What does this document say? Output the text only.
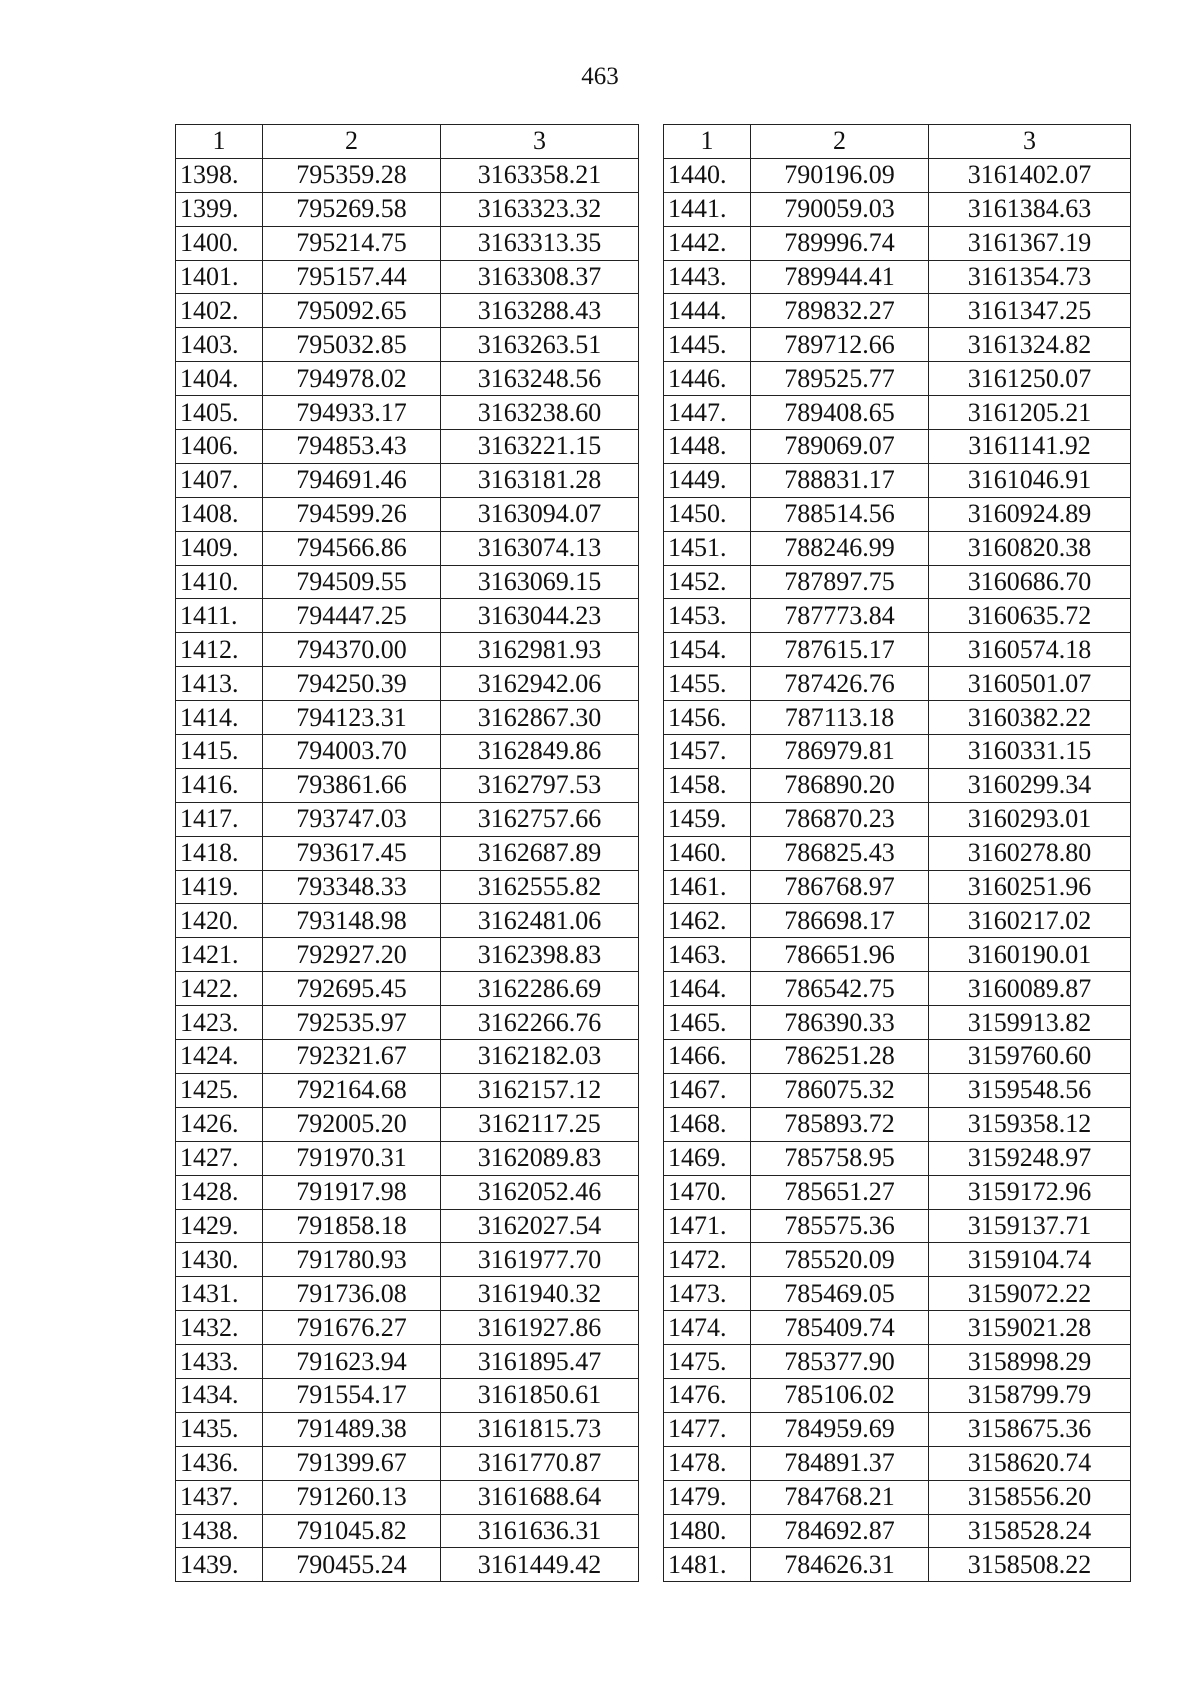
463
1	2	3
1398.	795359.28	3163358.21
1399.	795269.58	3163323.32
1400.	795214.75	3163313.35
1401.	795157.44	3163308.37
1402.	795092.65	3163288.43
1403.	795032.85	3163263.51
1404.	794978.02	3163248.56
1405.	794933.17	3163238.60
1406.	794853.43	3163221.15
1407.	794691.46	3163181.28
1408.	794599.26	3163094.07
1409.	794566.86	3163074.13
1410.	794509.55	3163069.15
1411.	794447.25	3163044.23
1412.	794370.00	3162981.93
1413.	794250.39	3162942.06
1414.	794123.31	3162867.30
1415.	794003.70	3162849.86
1416.	793861.66	3162797.53
1417.	793747.03	3162757.66
1418.	793617.45	3162687.89
1419.	793348.33	3162555.82
1420.	793148.98	3162481.06
1421.	792927.20	3162398.83
1422.	792695.45	3162286.69
1423.	792535.97	3162266.76
1424.	792321.67	3162182.03
1425.	792164.68	3162157.12
1426.	792005.20	3162117.25
1427.	791970.31	3162089.83
1428.	791917.98	3162052.46
1429.	791858.18	3162027.54
1430.	791780.93	3161977.70
1431.	791736.08	3161940.32
1432.	791676.27	3161927.86
1433.	791623.94	3161895.47
1434.	791554.17	3161850.61
1435.	791489.38	3161815.73
1436.	791399.67	3161770.87
1437.	791260.13	3161688.64
1438.	791045.82	3161636.31
1439.	790455.24	3161449.42
1	2	3
1440.	790196.09	3161402.07
1441.	790059.03	3161384.63
1442.	789996.74	3161367.19
1443.	789944.41	3161354.73
1444.	789832.27	3161347.25
1445.	789712.66	3161324.82
1446.	789525.77	3161250.07
1447.	789408.65	3161205.21
1448.	789069.07	3161141.92
1449.	788831.17	3161046.91
1450.	788514.56	3160924.89
1451.	788246.99	3160820.38
1452.	787897.75	3160686.70
1453.	787773.84	3160635.72
1454.	787615.17	3160574.18
1455.	787426.76	3160501.07
1456.	787113.18	3160382.22
1457.	786979.81	3160331.15
1458.	786890.20	3160299.34
1459.	786870.23	3160293.01
1460.	786825.43	3160278.80
1461.	786768.97	3160251.96
1462.	786698.17	3160217.02
1463.	786651.96	3160190.01
1464.	786542.75	3160089.87
1465.	786390.33	3159913.82
1466.	786251.28	3159760.60
1467.	786075.32	3159548.56
1468.	785893.72	3159358.12
1469.	785758.95	3159248.97
1470.	785651.27	3159172.96
1471.	785575.36	3159137.71
1472.	785520.09	3159104.74
1473.	785469.05	3159072.22
1474.	785409.74	3159021.28
1475.	785377.90	3158998.29
1476.	785106.02	3158799.79
1477.	784959.69	3158675.36
1478.	784891.37	3158620.74
1479.	784768.21	3158556.20
1480.	784692.87	3158528.24
1481.	784626.31	3158508.22
